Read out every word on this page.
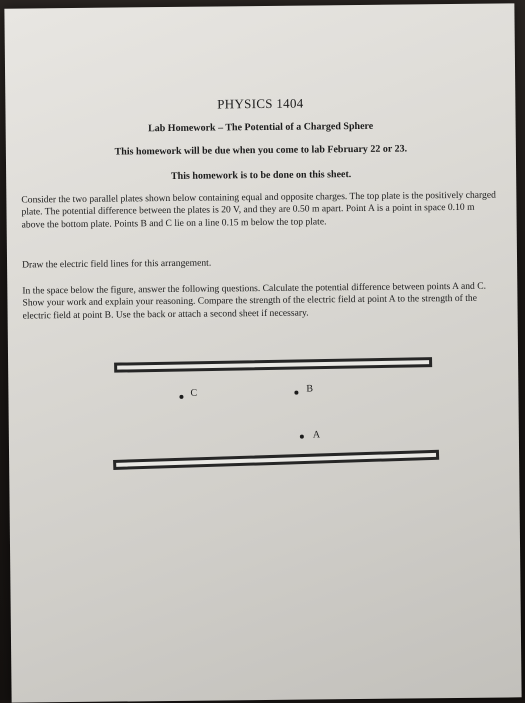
PHYSICS 1404
Lab Homework – The Potential of a Charged Sphere
This homework will be due when you come to lab February 22 or 23.
This homework is to be done on this sheet.
Consider the two parallel plates shown below containing equal and opposite charges. The top plate is the positively charged plate. The potential difference between the plates is 20 V, and they are 0.50 m apart. Point A is a point in space 0.10 m above the bottom plate. Points B and C lie on a line 0.15 m below the top plate.
Draw the electric field lines for this arrangement.
In the space below the figure, answer the following questions. Calculate the potential difference between points A and C. Show your work and explain your reasoning. Compare the strength of the electric field at point A to the strength of the electric field at point B. Use the back or attach a second sheet if necessary.
C	B
A
